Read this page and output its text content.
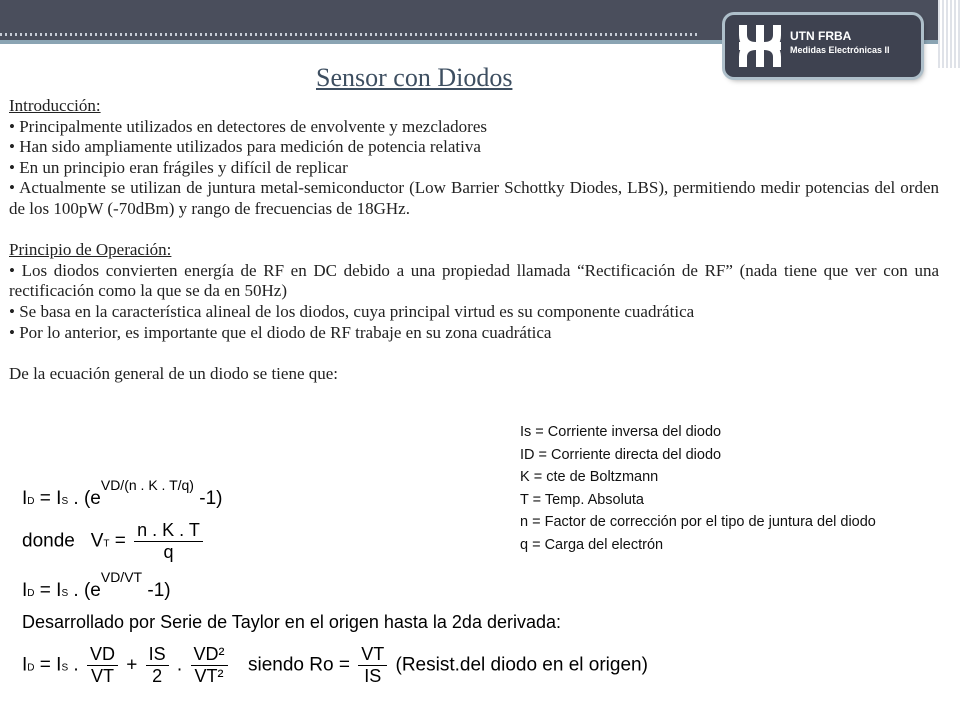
UTN FRBA
Medidas Electrónicas II
Sensor con Diodos

Introducción:

• Principalmente utilizados en detectores de envolvente y mezcladores

• Han sido ampliamente utilizados para medición de potencia relativa

• En un principio eran frágiles y difícil de replicar

• Actualmente se utilizan de juntura metal-semiconductor (Low Barrier Schottky Diodes, LBS), permitiendo medir potencias del orden de los 100pW (-70dBm) y rango de frecuencias de 18GHz.

Principio de Operación:

• Los diodos convierten energía de RF en DC debido a una propiedad llamada “Rectificación de RF” (nada tiene que ver con una rectificación como la que se da en 50Hz)

• Se basa en la característica alineal de los diodos, cuya principal virtud es su componente cuadrática

• Por lo anterior, es importante que el diodo de RF trabaje en su zona cuadrática

De la ecuación general de un diodo se tiene que:

Is = Corriente inversa del diodo
ID = Corriente directa del diodo
K = cte de Boltzmann
T = Temp. Absoluta
n = Factor de corrección por el tipo de juntura del diodo
q = Carga del electrón
ID = IS . ($e^{VD/(n . K . T/q)}$ -1)
donde VT = $\frac{n . K . T}{q}$
ID = IS . ($e^{VD/VT}$ -1)
Desarrollado por Serie de Taylor en el origen hasta la 2da derivada:
ID = IS . $\frac{VD}{VT} + \frac{IS}{2}$ . $\frac{\text{VD²}}{\text{VT²}}$ siendo $Ro = \frac{VT}{IS}$ (Resist.del diodo en el origen)
